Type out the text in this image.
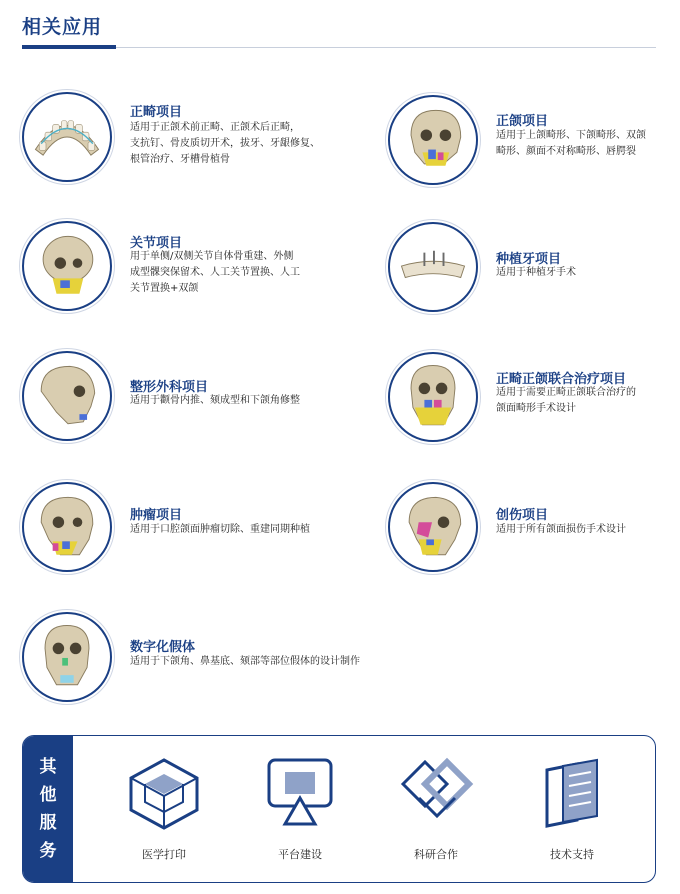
相关应用
正畸项目
适用于正颌术前正畸、正颌术后正畸，
支抗钉、骨皮质切开术，拔牙、牙龈修复、
根管治疗、牙槽骨植骨
正颌项目
适用于上颌畸形、下颌畸形、双颌
畸形、颜面不对称畸形、唇腭裂
关节项目
用于单侧/双侧关节自体骨重建、外侧
成型髁突保留术、人工关节置换、人工
关节置换+双颌
种植牙项目
适用于种植牙手术
整形外科项目
适用于颧骨内推、颏成型和下颌角修整
正畸正颌联合治疗项目
适用于需要正畸正颌联合治疗的
颌面畸形手术设计
肿瘤项目
适用于口腔颌面肿瘤切除、重建同期种植
创伤项目
适用于所有颌面损伤手术设计
数字化假体
适用于下颌角、鼻基底、颏部等部位假体的设计制作
其
他
服
务	医学打印	平台建设	科研合作	技术支持
